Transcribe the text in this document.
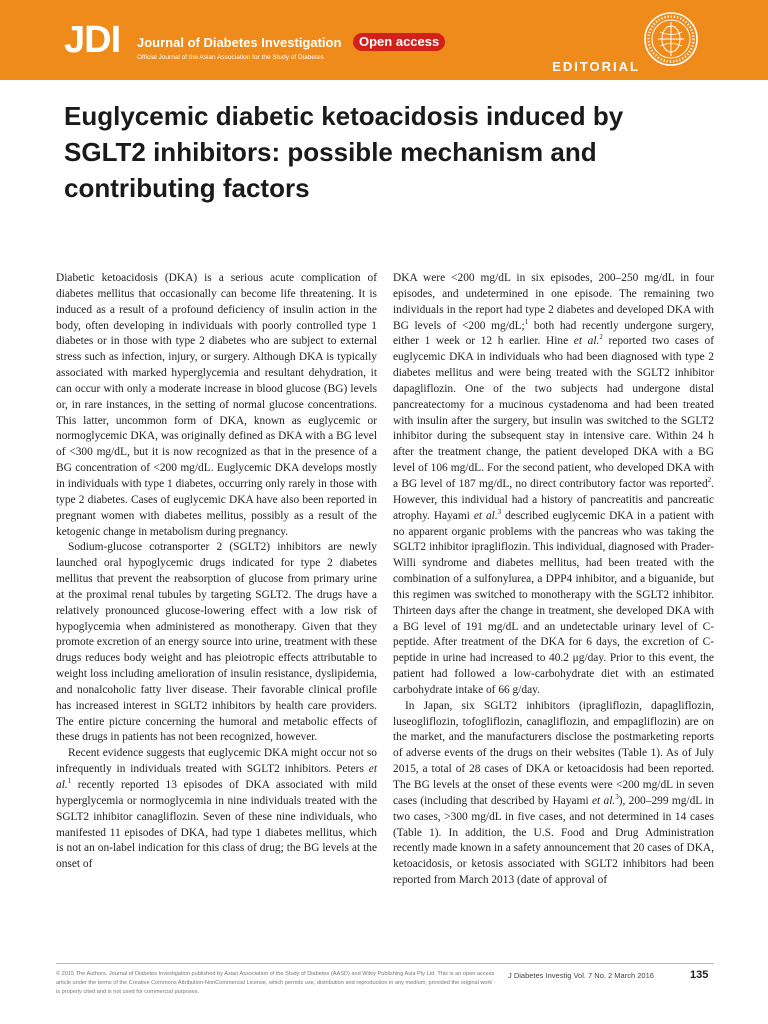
JDI Journal of Diabetes Investigation
Official Journal of the Asian Association for the Study of Diabetes
Open access
EDITORIAL
Euglycemic diabetic ketoacidosis induced by SGLT2 inhibitors: possible mechanism and contributing factors

Diabetic ketoacidosis (DKA) is a serious acute complication of diabetes mellitus that occasionally can become life threatening. It is induced as a result of a profound deficiency of insulin action in the body, often developing in individuals with poorly controlled type 1 diabetes or in those with type 2 diabetes who are subject to external stress such as infection, injury, or surgery. Although DKA is typically associated with marked hyperglycemia and resultant dehydration, it can occur with only a moderate increase in blood glucose (BG) levels or, in rare instances, in the setting of normal glucose concentrations. This latter, uncommon form of DKA, known as euglycemic or normoglycemic DKA, was originally defined as DKA with a BG level of <300 mg/dL, but it is now recognized as that in the presence of a BG concentration of <200 mg/dL. Euglycemic DKA develops mostly in individuals with type 1 diabetes, occurring only rarely in those with type 2 diabetes. Cases of euglycemic DKA have also been reported in pregnant women with diabetes mellitus, possibly as a result of the ketogenic change in metabolism during pregnancy.

Sodium-glucose cotransporter 2 (SGLT2) inhibitors are newly launched oral hypoglycemic drugs indicated for type 2 diabetes mellitus that prevent the reabsorption of glucose from primary urine at the proximal renal tubules by targeting SGLT2. The drugs have a relatively pronounced glucose-lowering effect with a low risk of hypoglycemia when administered as monotherapy. Given that they promote excretion of an energy source into urine, treatment with these drugs reduces body weight and has pleiotropic effects attributable to weight loss including amelioration of insulin resistance, dyslipidemia, and nonalcoholic fatty liver disease. Their favorable clinical profile has increased interest in SGLT2 inhibitors by health care providers. The entire picture concerning the humoral and metabolic effects of these drugs in patients has not been recognized, however.

Recent evidence suggests that euglycemic DKA might occur not so infrequently in individuals treated with SGLT2 inhibitors. Peters et al.$^1$ recently reported 13 episodes of DKA associated with mild hyperglycemia or normoglycemia in nine individuals treated with the SGLT2 inhibitor canagliflozin. Seven of these nine individuals, who manifested 11 episodes of DKA, had type 1 diabetes mellitus, which is not an on-label indication for this class of drug; the BG levels at the onset of

DKA were <200 mg/dL in six episodes, 200–250 mg/dL in four episodes, and undetermined in one episode. The remaining two individuals in the report had type 2 diabetes and developed DKA with BG levels of <200 mg/dL;$^1$ both had recently undergone surgery, either 1 week or 12 h earlier. Hine et al.$^2$ reported two cases of euglycemic DKA in individuals who had been diagnosed with type 2 diabetes mellitus and were being treated with the SGLT2 inhibitor dapagliflozin. One of the two subjects had undergone distal pancreatectomy for a mucinous cystadenoma and had been treated with insulin after the surgery, but insulin was switched to the SGLT2 inhibitor during the subsequent stay in intensive care. Within 24 h after the treatment change, the patient developed DKA with a BG level of 106 mg/dL. For the second patient, who developed DKA with a BG level of 187 mg/dL, no direct contributory factor was reported$^2$. However, this individual had a history of pancreatitis and pancreatic atrophy. Hayami et al.$^3$ described euglycemic DKA in a patient with no apparent organic problems with the pancreas who was taking the SGLT2 inhibitor ipragliflozin. This individual, diagnosed with Prader-Willi syndrome and diabetes mellitus, had been treated with the combination of a sulfonylurea, a DPP4 inhibitor, and a biguanide, but this regimen was switched to monotherapy with the SGLT2 inhibitor. Thirteen days after the change in treatment, she developed DKA with a BG level of 191 mg/dL and an undetectable urinary level of C-peptide. After treatment of the DKA for 6 days, the excretion of C-peptide in urine had increased to 40.2 μg/day. Prior to this event, the patient had followed a low-carbohydrate diet with an estimated carbohydrate intake of 66 g/day.

In Japan, six SGLT2 inhibitors (ipragliflozin, dapagliflozin, luseogliflozin, tofogliflozin, canagliflozin, and empagliflozin) are on the market, and the manufacturers disclose the postmarketing reports of adverse events of the drugs on their websites (Table 1). As of July 2015, a total of 28 cases of DKA or ketoacidosis had been reported. The BG levels at the onset of these events were <200 mg/dL in seven cases (including that described by Hayami et al.$^3$), 200–299 mg/dL in two cases, >300 mg/dL in five cases, and not determined in 14 cases (Table 1). In addition, the U.S. Food and Drug Administration recently made known in a safety announcement that 20 cases of DKA, ketoacidosis, or ketosis associated with SGLT2 inhibitors had been reported from March 2013 (date of approval of

© 2015 The Authors. Journal of Diabetes Investigation published by Asian Association of the Study of Diabetes (AASD) and Wiley Publishing Asia Pty Ltd. This is an open access article under the terms of the Creative Commons Attribution-NonCommercial License, which permits use, distribution and reproduction in any medium, provided the original work is properly cited and is not used for commercial purposes.

J Diabetes Investig Vol. 7 No. 2 March 2016	135
